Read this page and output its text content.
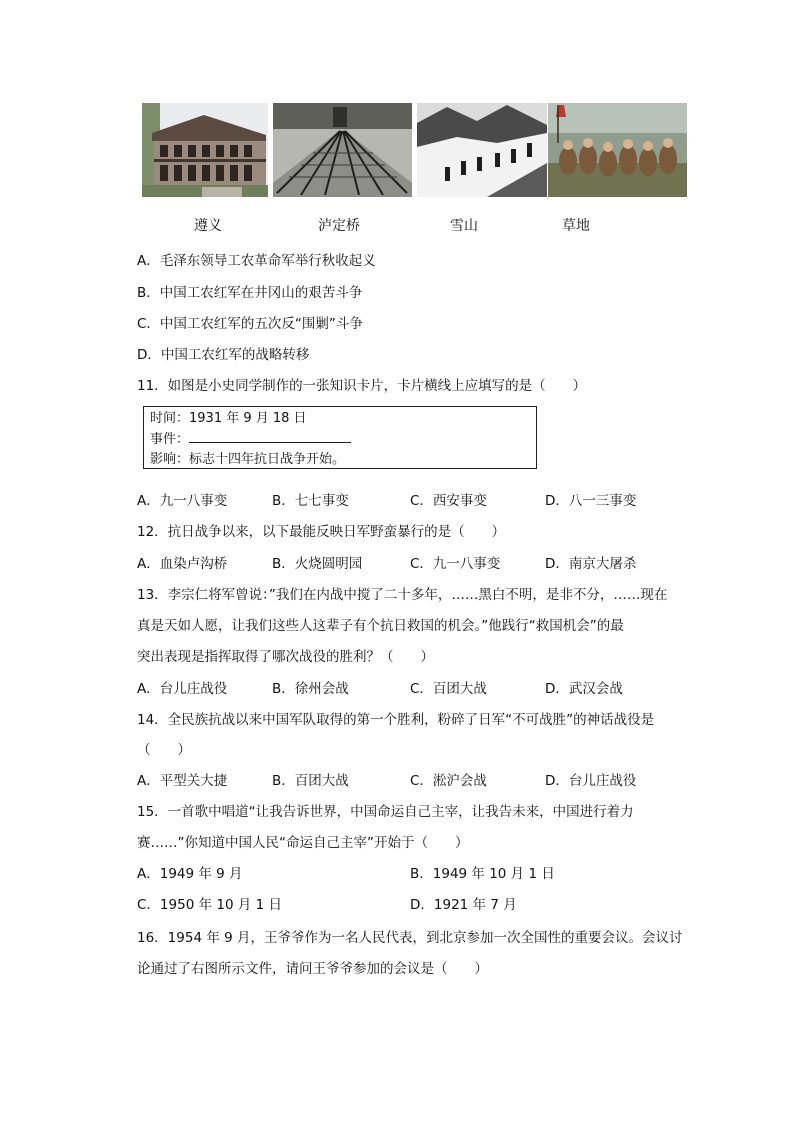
遵义	泸定桥	雪山	草地
A．毛泽东领导工农革命军举行秋收起义
B．中国工农红军在井冈山的艰苦斗争
C．中国工农红军的五次反“围剿”斗争
D．中国工农红军的战略转移
11．如图是小史同学制作的一张知识卡片，卡片横线上应填写的是（　　）
时间：1931 年 9 月 18 日
事件：
影响：标志十四年抗日战争开始。
A．九一八事变	B．七七事变	C．西安事变	D．八一三事变
12．抗日战争以来，以下最能反映日军野蛮暴行的是（　　）
A．血染卢沟桥	B．火烧圆明园	C．九一八事变	D．南京大屠杀
13．李宗仁将军曾说：”我们在内战中搅了二十多年，……黑白不明，是非不分，……现在
真是天如人愿，让我们这些人这辈子有个抗日救国的机会。”他践行“救国机会”的最
突出表现是指挥取得了哪次战役的胜利？（　　）
A．台儿庄战役	B．徐州会战	C．百团大战	D．武汉会战
14．全民族抗战以来中国军队取得的第一个胜利，粉碎了日军“不可战胜”的神话战役是
（　　）
A．平型关大捷	B．百团大战	C．淞沪会战	D．台儿庄战役
15．一首歌中唱道“让我告诉世界，中国命运自己主宰，让我告未来，中国进行着力
赛……”你知道中国人民“命运自己主宰”开始于（　　）
A．1949 年 9 月	B．1949 年 10 月 1 日
C．1950 年 10 月 1 日	D．1921 年 7 月
16．1954 年 9 月，王爷爷作为一名人民代表，到北京参加一次全国性的重要会议。会议讨
论通过了右图所示文件，请问王爷爷参加的会议是（　　）
